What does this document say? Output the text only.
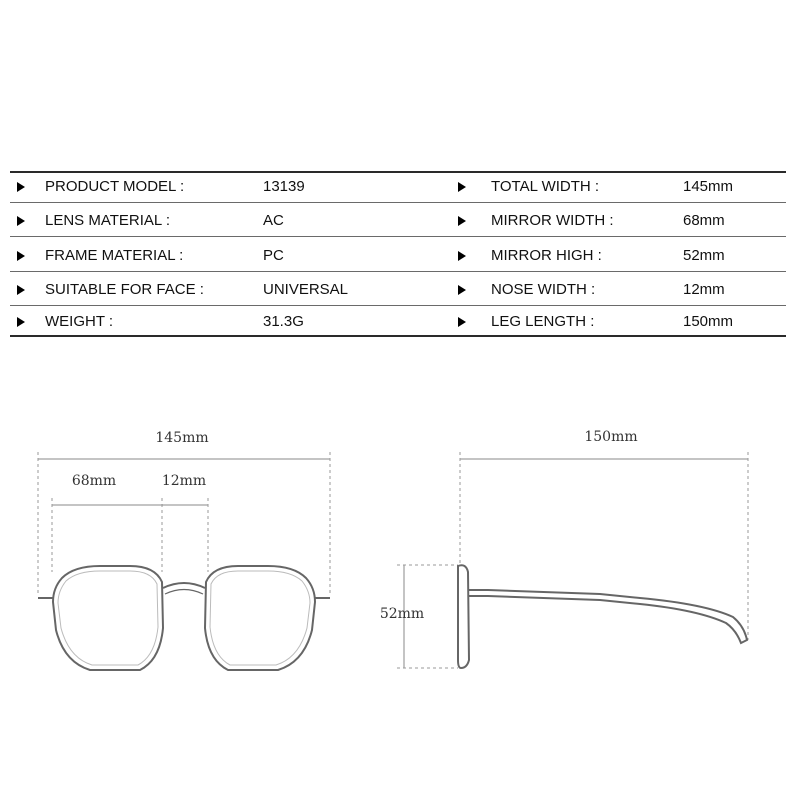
PRODUCT MODEL :	13139	TOTAL WIDTH :	145mm
LENS MATERIAL :	AC	MIRROR WIDTH :	68mm
FRAME MATERIAL :	PC	MIRROR HIGH :	52mm
SUITABLE FOR FACE :	UNIVERSAL	NOSE WIDTH :	12mm
WEIGHT :	31.3G	LEG LENGTH :	150mm
145mm
68mm	12mm
150mm
52mm
